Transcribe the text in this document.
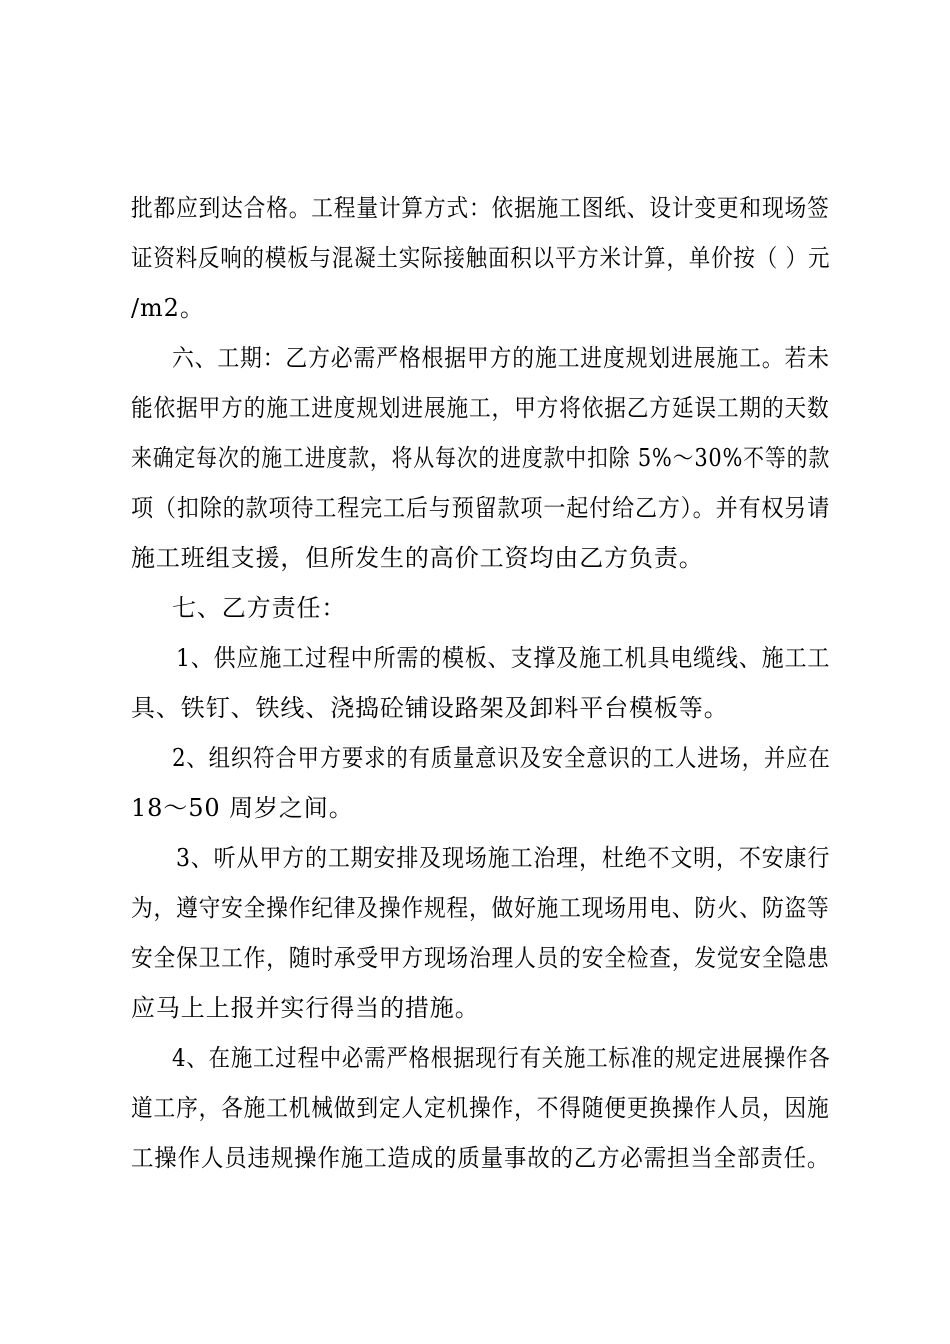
批都应到达合格。工程量计算方式：依据施工图纸、设计变更和现场签
证资料反响的模板与混凝土实际接触面积以平方米计算，单价按（ ）元
/m2。
六、工期：乙方必需严格根据甲方的施工进度规划进展施工。若未
能依据甲方的施工进度规划进展施工，甲方将依据乙方延误工期的天数
来确定每次的施工进度款，将从每次的进度款中扣除 5%～30%不等的款
项（扣除的款项待工程完工后与预留款项一起付给乙方）。并有权另请
施工班组支援，但所发生的高价工资均由乙方负责。
七、乙方责任：
1、供应施工过程中所需的模板、支撑及施工机具电缆线、施工工
具、铁钉、铁线、浇捣砼铺设路架及卸料平台模板等。
2、组织符合甲方要求的有质量意识及安全意识的工人进场，并应在
18～50 周岁之间。
3、听从甲方的工期安排及现场施工治理，杜绝不文明，不安康行
为，遵守安全操作纪律及操作规程，做好施工现场用电、防火、防盗等
安全保卫工作，随时承受甲方现场治理人员的安全检查，发觉安全隐患
应马上上报并实行得当的措施。
4、在施工过程中必需严格根据现行有关施工标准的规定进展操作各
道工序，各施工机械做到定人定机操作，不得随便更换操作人员，因施
工操作人员违规操作施工造成的质量事故的乙方必需担当全部责任。
